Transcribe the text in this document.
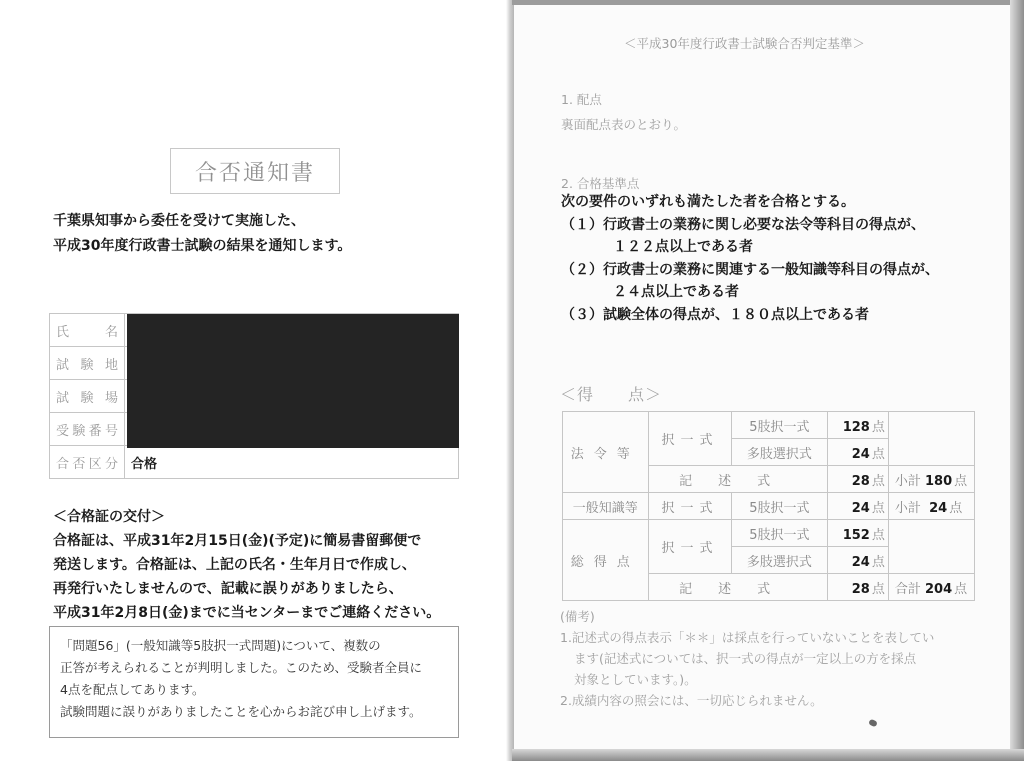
合否通知書
千葉県知事から委任を受けて実施した、
平成30年度行政書士試験の結果を通知します。
氏名	
試験地	
試験場	
受験番号	
合否区分	合格
＜合格証の交付＞
合格証は、平成31年2月15日(金)(予定)に簡易書留郵便で
発送します。合格証は、上記の氏名・生年月日で作成し、
再発行いたしませんので、記載に誤りがありましたら、
平成31年2月8日(金)までに当センターまでご連絡ください。
「問題56」(一般知識等5肢択一式問題)について、複数の
正答が考えられることが判明しました。このため、受験者全員に
4点を配点してあります。
試験問題に誤りがありましたことを心からお詫び申し上げます。
＜平成30年度行政書士試験合否判定基準＞
1. 配点
裏面配点表のとおり。
2. 合格基準点
次の要件のいずれも満たした者を合格とする。
（１）行政書士の業務に関し必要な法令等科目の得点が、
１２２点以上である者
（２）行政書士の業務に関連する一般知識等科目の得点が、
２４点以上である者
（３）試験全体の得点が、１８０点以上である者
＜得　　点＞
法令等	択一式	5肢択一式	128 点	
		多肢選択式	24 点	
	記述式		28 点	小計 180 点
一般知識等	択一式	5肢択一式	24 点	小計 24 点
総得点	択一式	5肢択一式	152 点	
		多肢選択式	24 点	
	記述式		28 点	合計 204 点
(備考)
1.記述式の得点表示「＊＊」は採点を行っていないことを表してい
ます(記述式については、択一式の得点が一定以上の方を採点
対象としています。)。
2.成績内容の照会には、一切応じられません。
